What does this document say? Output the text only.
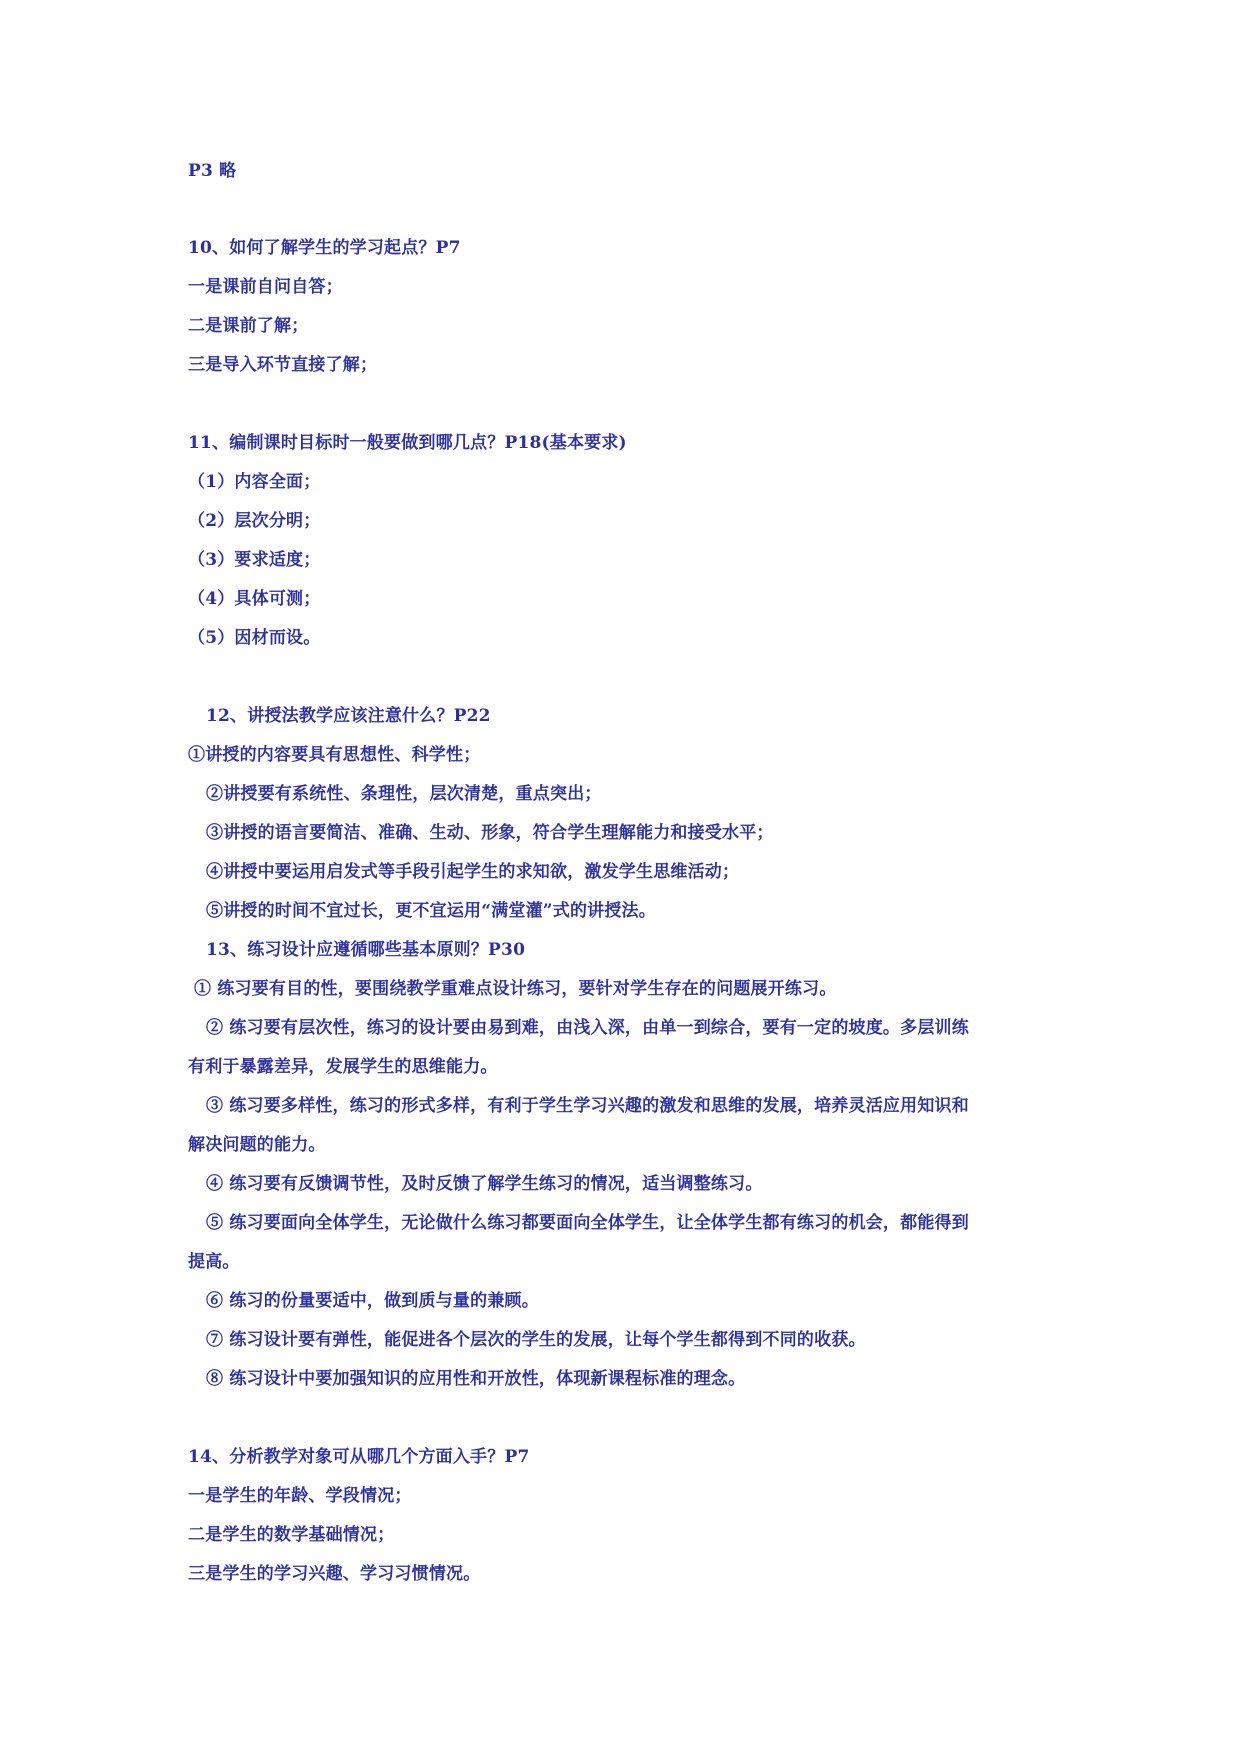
P3 略
10、如何了解学生的学习起点？P7
一是课前自问自答；
二是课前了解；
三是导入环节直接了解；
11、编制课时目标时一般要做到哪几点？P18(基本要求)
（1）内容全面；
（2）层次分明；
（3）要求适度；
（4）具体可测；
（5）因材而设。
12、讲授法教学应该注意什么？P22
①讲授的内容要具有思想性、科学性；
②讲授要有系统性、条理性，层次清楚，重点突出；
③讲授的语言要简洁、准确、生动、形象，符合学生理解能力和接受水平；
④讲授中要运用启发式等手段引起学生的求知欲，激发学生思维活动；
⑤讲授的时间不宜过长，更不宜运用“满堂灌”式的讲授法。
13、练习设计应遵循哪些基本原则？P30
① 练习要有目的性，要围绕教学重难点设计练习，要针对学生存在的问题展开练习。
② 练习要有层次性，练习的设计要由易到难，由浅入深，由单一到综合，要有一定的坡度。多层训练
有利于暴露差异，发展学生的思维能力。
③ 练习要多样性，练习的形式多样，有利于学生学习兴趣的激发和思维的发展，培养灵活应用知识和
解决问题的能力。
④ 练习要有反馈调节性，及时反馈了解学生练习的情况，适当调整练习。
⑤ 练习要面向全体学生，无论做什么练习都要面向全体学生，让全体学生都有练习的机会，都能得到
提高。
⑥ 练习的份量要适中，做到质与量的兼顾。
⑦ 练习设计要有弹性，能促进各个层次的学生的发展，让每个学生都得到不同的收获。
⑧ 练习设计中要加强知识的应用性和开放性，体现新课程标准的理念。
14、分析教学对象可从哪几个方面入手？P7
一是学生的年龄、学段情况；
二是学生的数学基础情况；
三是学生的学习兴趣、学习习惯情况。
